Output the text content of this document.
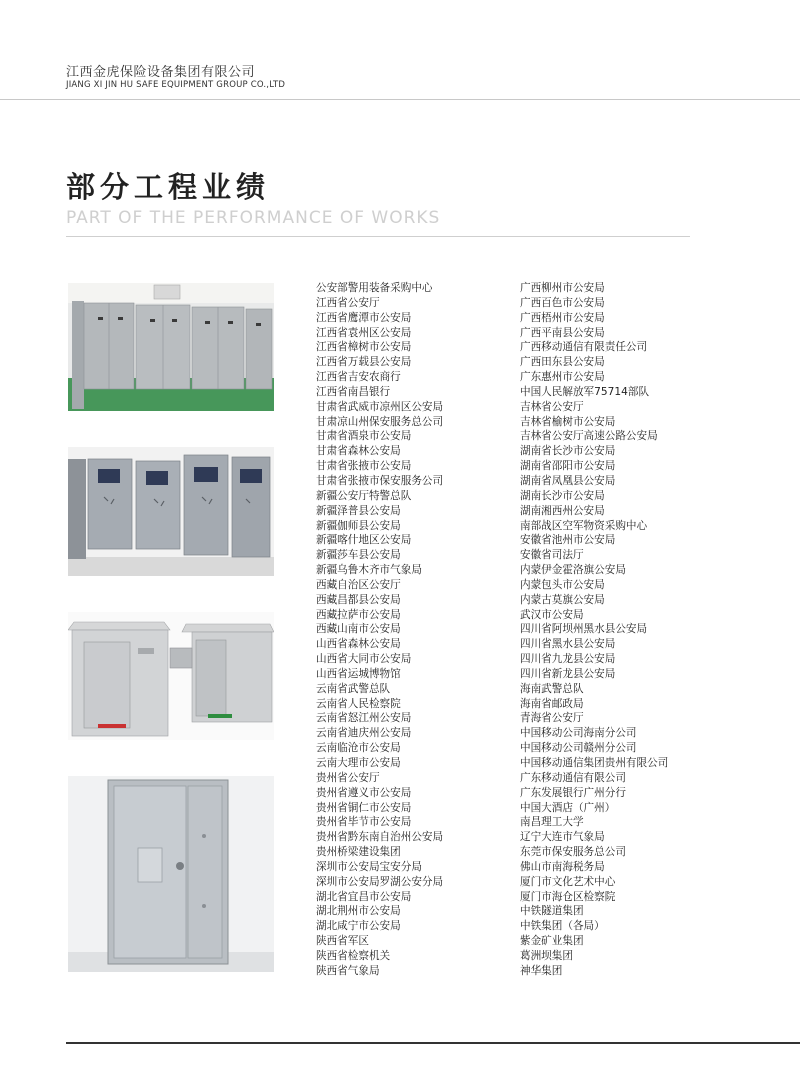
江西金虎保险设备集团有限公司
JIANG XI JIN HU SAFE EQUIPMENT GROUP CO.,LTD
部分工程业绩
PART OF THE PERFORMANCE OF WORKS
公安部警用装备采购中心
江西省公安厅
江西省鹰潭市公安局
江西省袁州区公安局
江西省樟树市公安局
江西省万载县公安局
江西省吉安农商行
江西省南昌银行
甘肃省武威市凉州区公安局
甘肃凉山州保安服务总公司
甘肃省酒泉市公安局
甘肃省森林公安局
甘肃省张掖市公安局
甘肃省张掖市保安服务公司
新疆公安厅特警总队
新疆泽普县公安局
新疆伽师县公安局
新疆喀什地区公安局
新疆莎车县公安局
新疆乌鲁木齐市气象局
西藏自治区公安厅
西藏昌都县公安局
西藏拉萨市公安局
西藏山南市公安局
山西省森林公安局
山西省大同市公安局
山西省运城博物馆
云南省武警总队
云南省人民检察院
云南省怒江州公安局
云南省迪庆州公安局
云南临沧市公安局
云南大理市公安局
贵州省公安厅
贵州省遵义市公安局
贵州省铜仁市公安局
贵州省毕节市公安局
贵州省黔东南自治州公安局
贵州桥梁建设集团
深圳市公安局宝安分局
深圳市公安局罗湖公安分局
湖北省宜昌市公安局
湖北荆州市公安局
湖北咸宁市公安局
陕西省军区
陕西省检察机关
陕西省气象局
广西柳州市公安局
广西百色市公安局
广西梧州市公安局
广西平南县公安局
广西移动通信有限责任公司
广西田东县公安局
广东惠州市公安局
中国人民解放军75714部队
吉林省公安厅
吉林省榆树市公安局
吉林省公安厅高速公路公安局
湖南省长沙市公安局
湖南省邵阳市公安局
湖南省凤凰县公安局
湖南长沙市公安局
湖南湘西州公安局
南部战区空军物资采购中心
安徽省池州市公安局
安徽省司法厅
内蒙伊金霍洛旗公安局
内蒙包头市公安局
内蒙古莫旗公安局
武汉市公安局
四川省阿坝州黑水县公安局
四川省黑水县公安局
四川省九龙县公安局
四川省新龙县公安局
海南武警总队
海南省邮政局
青海省公安厅
中国移动公司海南分公司
中国移动公司赣州分公司
中国移动通信集团贵州有限公司
广东移动通信有限公司
广东发展银行广州分行
中国大酒店（广州）
南昌理工大学
辽宁大连市气象局
东莞市保安服务总公司
佛山市南海税务局
厦门市文化艺术中心
厦门市海仓区检察院
中铁隧道集团
中铁集团（各局）
紫金矿业集团
葛洲坝集团
神华集团
